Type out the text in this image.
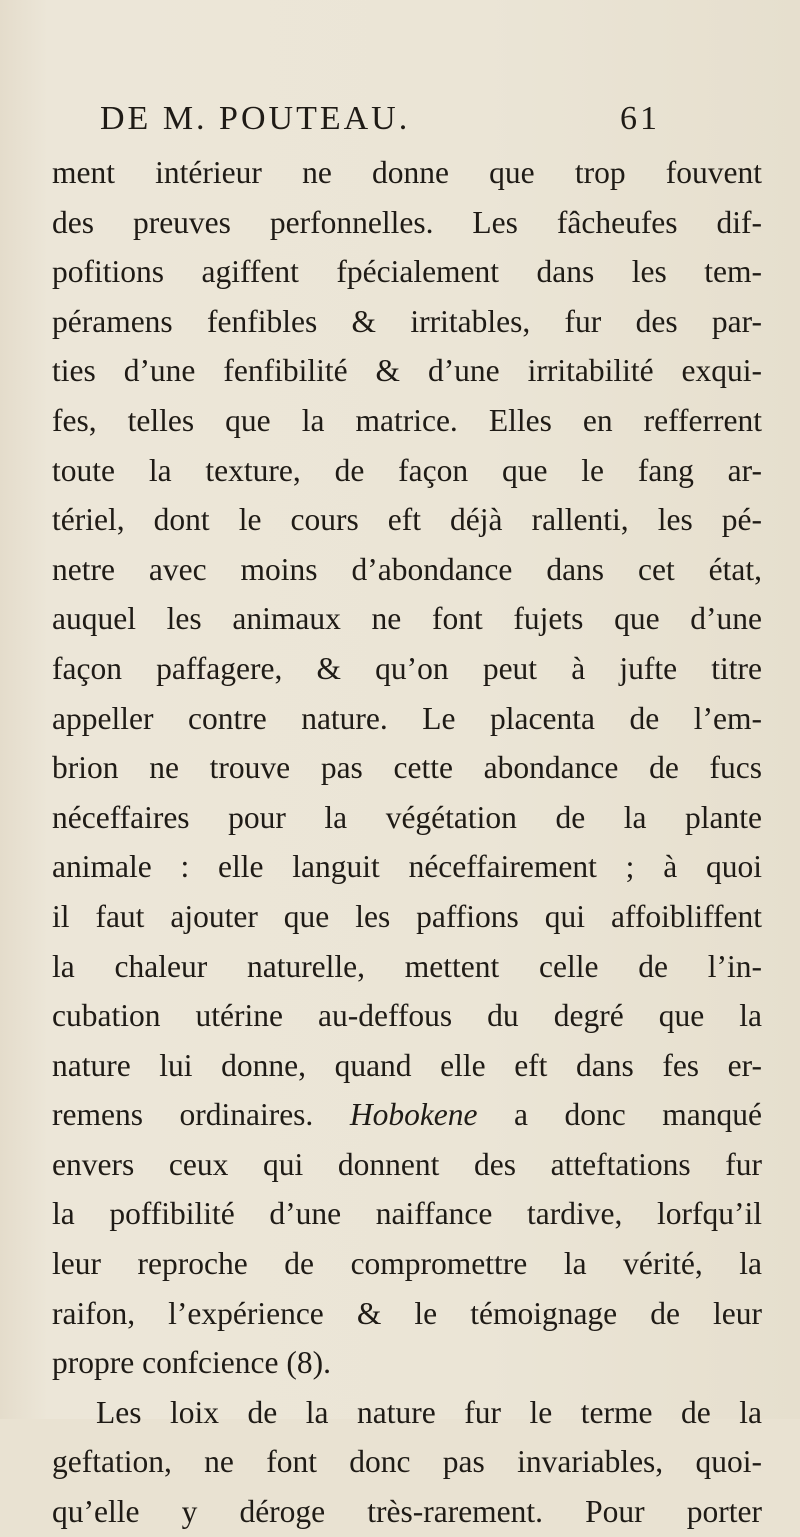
DE M. POUTEAU.	61
ment intérieur ne donne que trop fouvent
des preuves perfonnelles. Les fâcheufes dif-
pofitions agiffent fpécialement dans les tem-
péramens fenfibles & irritables, fur des par-
ties d’une fenfibilité & d’une irritabilité exqui-
fes, telles que la matrice. Elles en refferrent
toute la texture, de façon que le fang ar-
tériel, dont le cours eft déjà rallenti, les pé-
netre avec moins d’abondance dans cet état,
auquel les animaux ne font fujets que d’une
façon paffagere, & qu’on peut à jufte titre
appeller contre nature. Le placenta de l’em-
brion ne trouve pas cette abondance de fucs
néceffaires pour la végétation de la plante
animale : elle languit néceffairement ; à quoi
il faut ajouter que les paffions qui affoibliffent
la chaleur naturelle, mettent celle de l’in-
cubation utérine au-deffous du degré que la
nature lui donne, quand elle eft dans fes er-
remens ordinaires. Hobokene a donc manqué
envers ceux qui donnent des atteftations fur
la poffibilité d’une naiffance tardive, lorfqu’il
leur reproche de compromettre la vérité, la
raifon, l’expérience & le témoignage de leur
propre confcience (8).
Les loix de la nature fur le terme de la
geftation, ne font donc pas invariables, quoi-
qu’elle y déroge très-rarement. Pour porter
